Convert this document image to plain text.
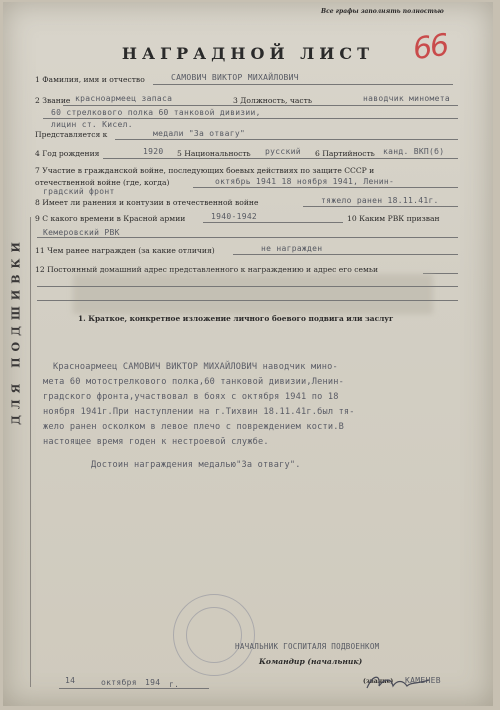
Все графы заполнять полностью
66
НАГРАДНОЙ ЛИСТ
ДЛЯ ПОДШИВКИ
1 Фамилия, имя и отчество	САМОВИЧ ВИКТОР МИХАЙЛОВИЧ
2 Звание красноармеец запаса	3 Должность, часть	наводчик миномета
60 стрелкового полка 60 танковой дивизии,
лицин ст. Кисел.
Представляется к	медали "За отвагу"
4 Год рождения	1920 5 Национальность русский 6 Партийность канд. ВКП(б)
7 Участие в гражданской войне, последующих боевых действиях по защите СССР и
отечественной войне (где, когда)	октябрь 1941 18 ноября 1941, Ленин-
градский фронт
8 Имеет ли ранения и контузии в отечественной войне	тяжело ранен 18.11.41г.
9 С какого времени в Красной армии	1940-1942	10 Каким РВК призван
Кемеровский РВК
11 Чем ранее награжден (за какие отличия)	не награжден
12 Постоянный домашний адрес представленного к награждению и адрес его семьи
1. Краткое, конкретное изложение личного боевого подвига или заслуг
Красноармеец САМОВИЧ ВИКТОР МИХАЙЛОВИЧ наводчик мино-
мета 60 мотострелкового полка,60 танковой дивизии,Ленин-
градского фронта,участвовал в боях с октября 1941 по 18
ноября 1941г.При наступлении на г.Тихвин 18.11.41г.был тя-
жело ранен осколком в левое плечо с повреждением кости.В
настоящее время годен к нестроевой службе.
Достоин награждения медалью"За отвагу".
НАЧАЛЬНИК ГОСПИТАЛЯ ПОДВОЕНКОМ
Командир (начальник)
(звание) КАМЕНЕВ
14	октября 194 г.
